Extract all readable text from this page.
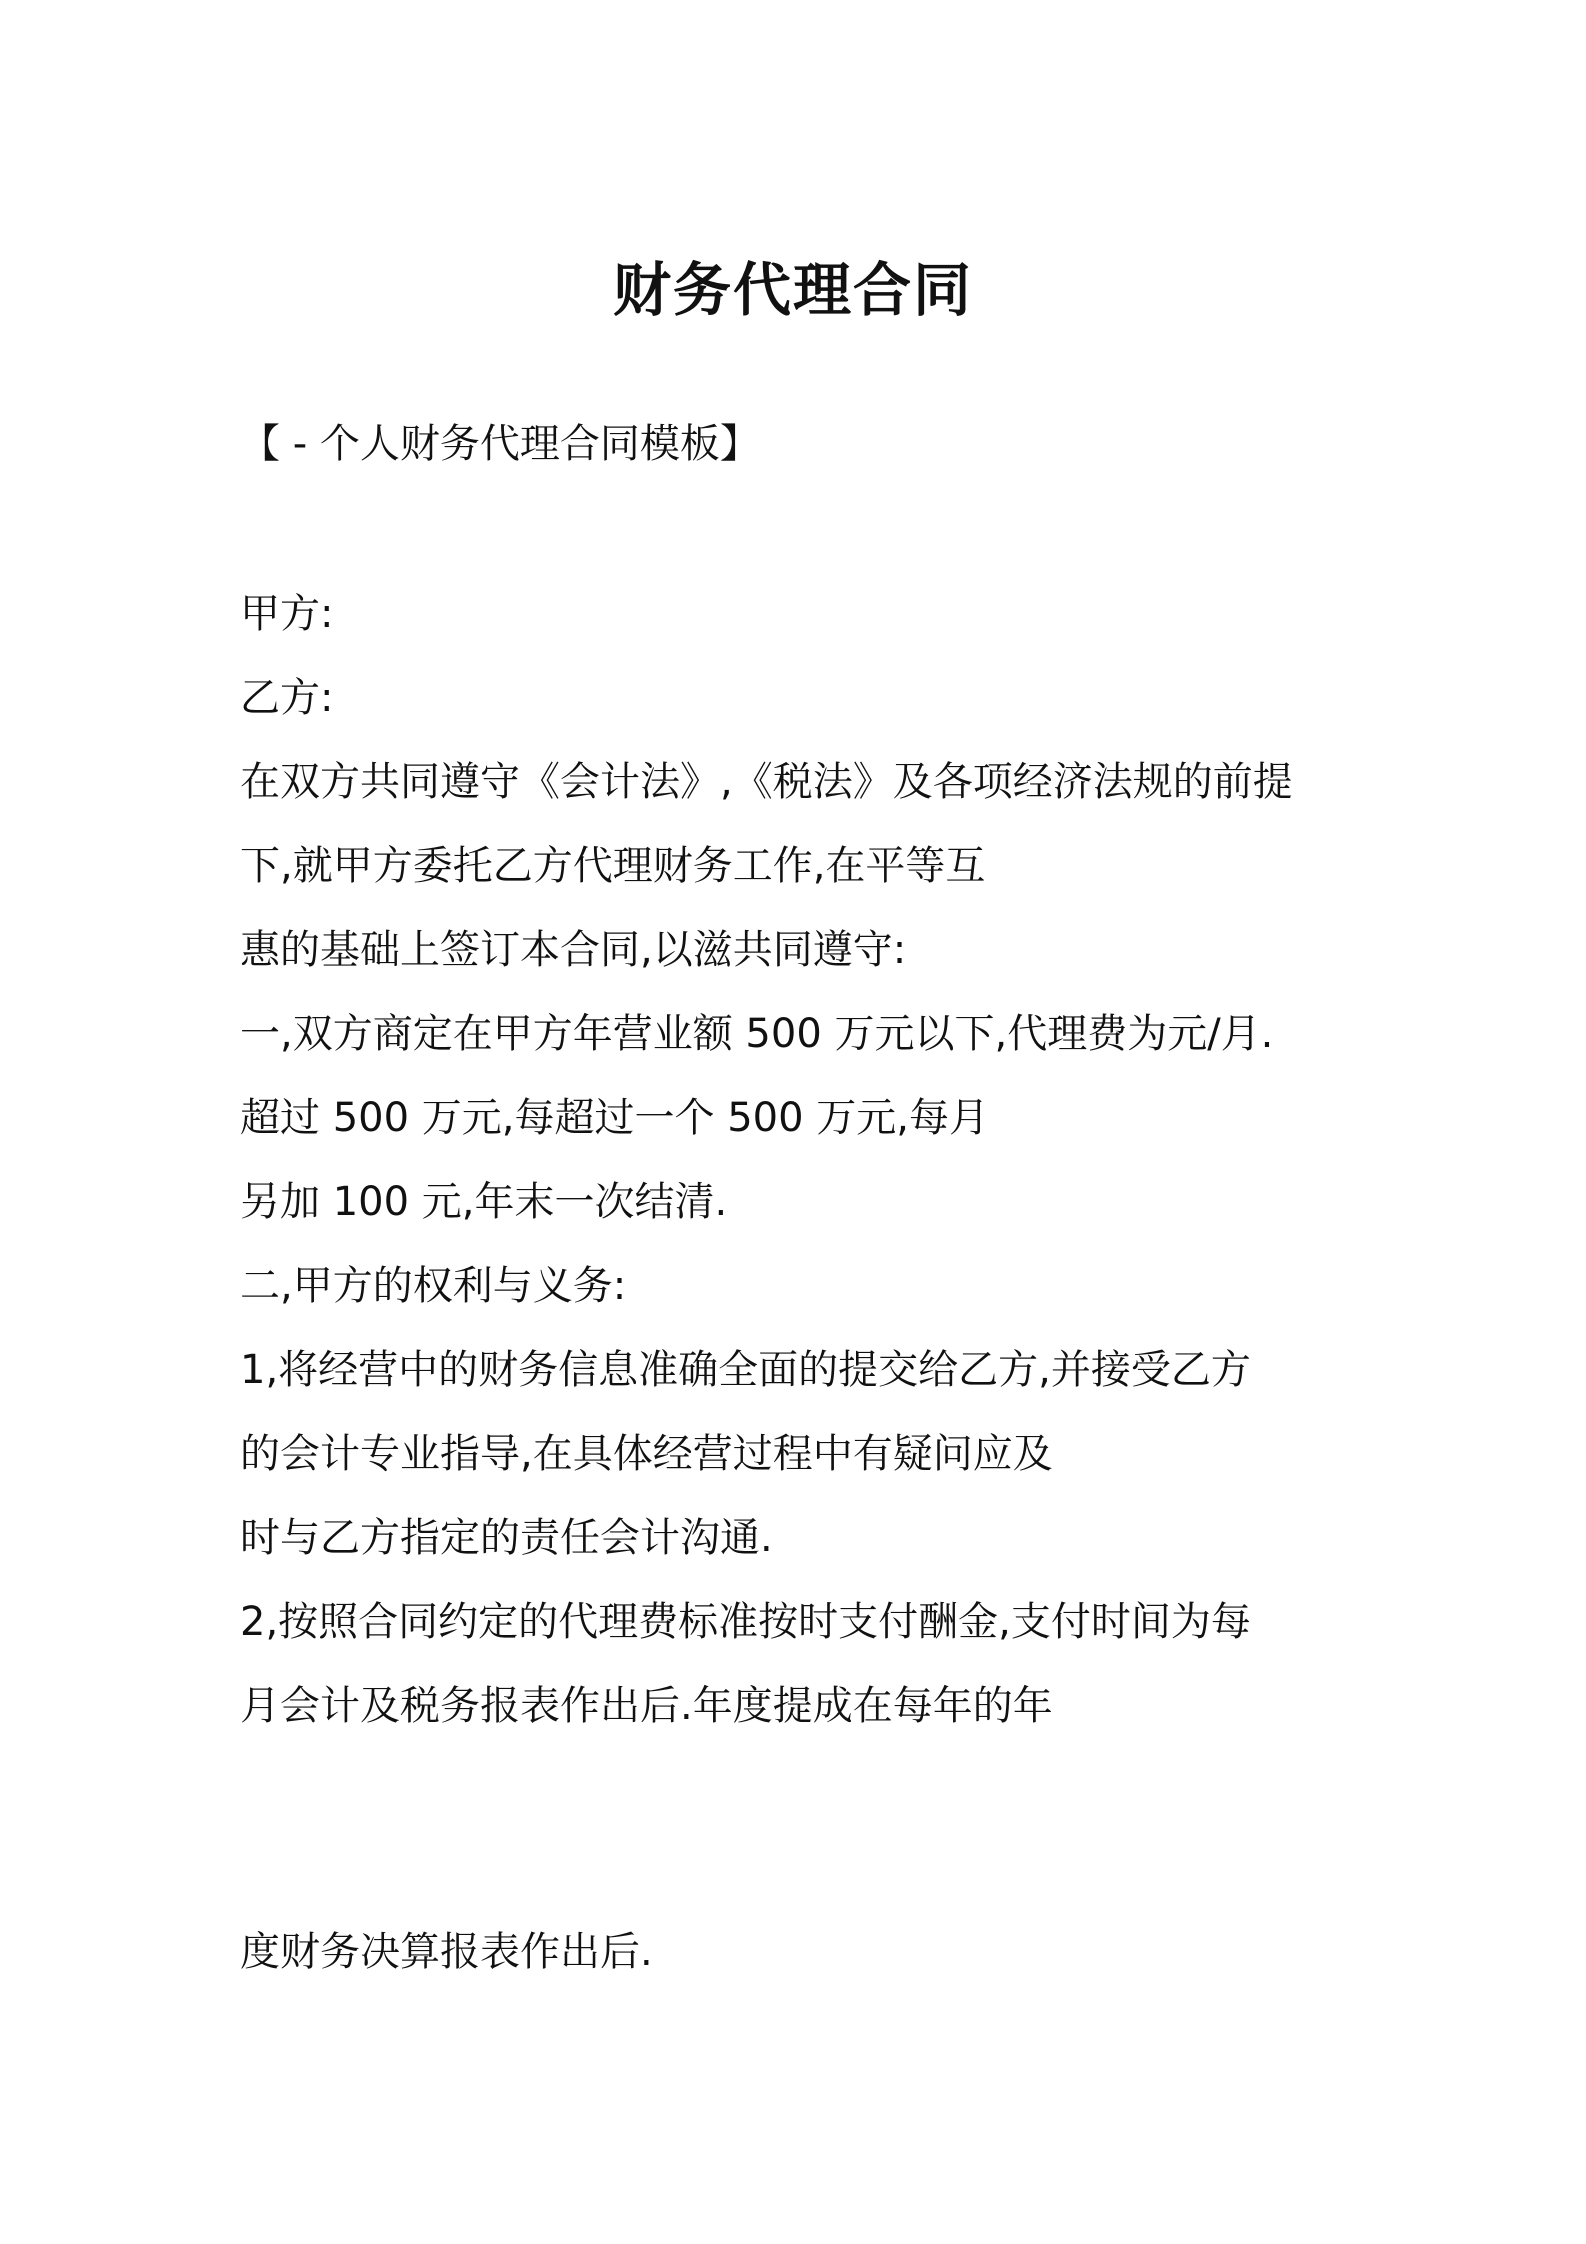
财务代理合同
【 - 个人财务代理合同模板】
甲方:
乙方:
在双方共同遵守《会计法》,《税法》及各项经济法规的前提
下,就甲方委托乙方代理财务工作,在平等互
惠的基础上签订本合同,以滋共同遵守:
一,双方商定在甲方年营业额 500 万元以下,代理费为元/月.
超过 500 万元,每超过一个 500 万元,每月
另加 100 元,年末一次结清.
二,甲方的权利与义务:
1,将经营中的财务信息准确全面的提交给乙方,并接受乙方
的会计专业指导,在具体经营过程中有疑问应及
时与乙方指定的责任会计沟通.
2,按照合同约定的代理费标准按时支付酬金,支付时间为每
月会计及税务报表作出后.年度提成在每年的年
度财务决算报表作出后.
